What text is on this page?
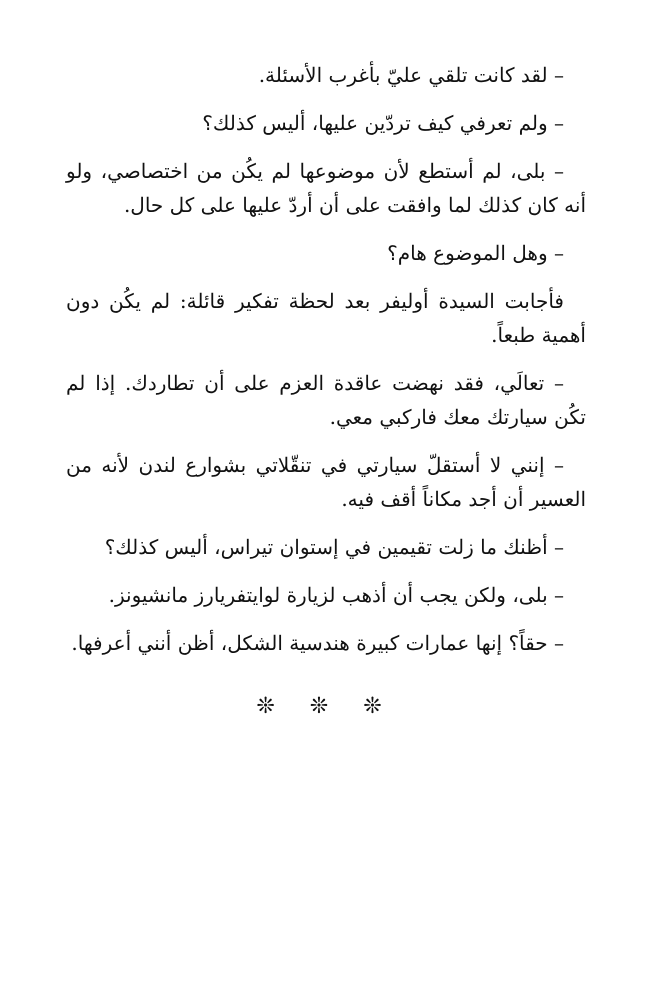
– لقد كانت تلقي عليّ بأغرب الأسئلة.

– ولم تعرفي كيف تردّين عليها، أليس كذلك؟

– بلى، لم أستطع لأن موضوعها لم يكُن من اختصاصي، ولو أنه كان كذلك لما وافقت على أن أردّ عليها على كل حال.

– وهل الموضوع هام؟

فأجابت السيدة أوليفر بعد لحظة تفكير قائلة: لم يكُن دون أهمية طبعاً.

– تعالَي، فقد نهضت عاقدة العزم على أن تطاردك. إذا لم تكُن سيارتك معك فاركبي معي.

– إنني لا أستقلّ سيارتي في تنقّلاتي بشوارع لندن لأنه من العسير أن أجد مكاناً أقف فيه.

– أظنك ما زلت تقيمين في إستوان تيراس، أليس كذلك؟

– بلى، ولكن يجب أن أذهب لزيارة لوايتفريارز مانشيونز.

– حقاً؟ إنها عمارات كبيرة هندسية الشكل، أظن أنني أعرفها.

❊ ❊ ❊
